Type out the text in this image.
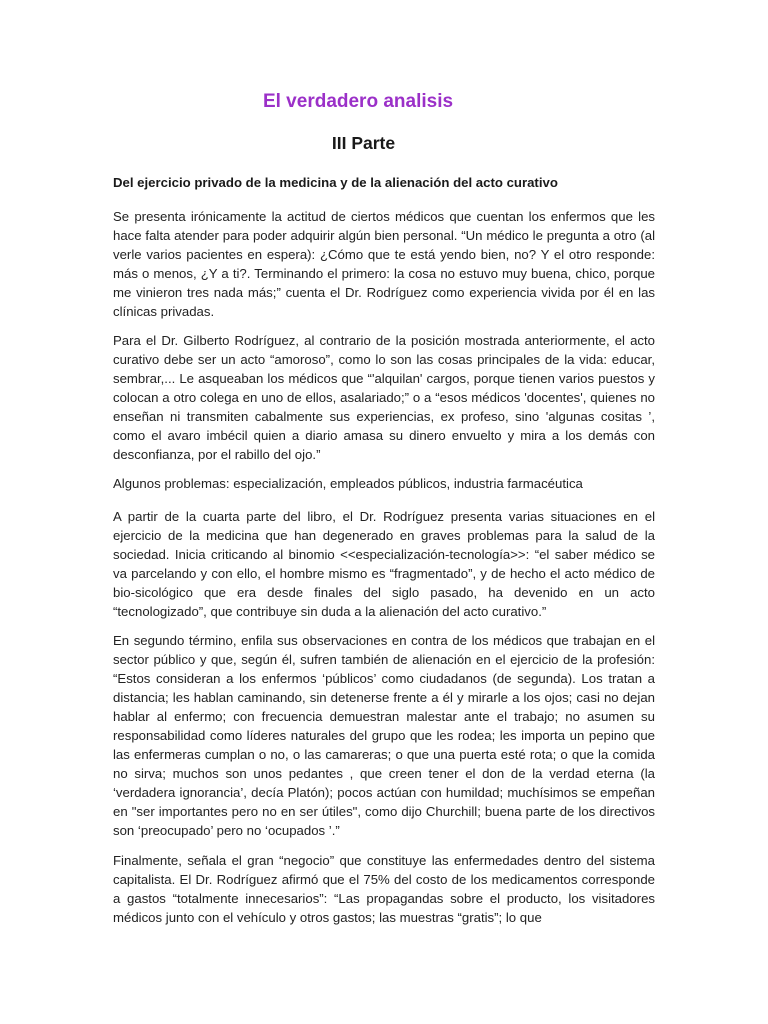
El verdadero analisis
III Parte
Del ejercicio privado de la medicina y de la alienación del acto curativo

Se presenta irónicamente la actitud de ciertos médicos que cuentan los enfermos que les hace falta atender para poder adquirir algún bien personal. “Un médico le pregunta a otro (al verle varios pacientes en espera): ¿Cómo que te está yendo bien, no? Y el otro responde: más o menos, ¿Y a ti?. Terminando el primero: la cosa no estuvo muy buena, chico, porque me vinieron tres nada más;” cuenta el Dr. Rodríguez como experiencia vivida por él en las clínicas privadas.

Para el Dr. Gilberto Rodríguez, al contrario de la posición mostrada anteriormente, el acto curativo debe ser un acto “amoroso”, como lo son las cosas principales de la vida: educar, sembrar,... Le asqueaban los médicos que “'alquilan' cargos, porque tienen varios puestos y colocan a otro colega en uno de ellos, asalariado;” o a “esos médicos 'docentes', quienes no enseñan ni transmiten cabalmente sus experiencias, ex profeso, sino 'algunas cositas ’, como el avaro imbécil quien a diario amasa su dinero envuelto y mira a los demás con desconfianza, por el rabillo del ojo.”

Algunos problemas: especialización, empleados públicos, industria farmacéutica

A partir de la cuarta parte del libro, el Dr. Rodríguez presenta varias situaciones en el ejercicio de la medicina que han degenerado en graves problemas para la salud de la sociedad. Inicia criticando al binomio <<especialización-tecnología>>: “el saber médico se va parcelando y con ello, el hombre mismo es “fragmentado”, y de hecho el acto médico de bio-sicológico que era desde finales del siglo pasado, ha devenido en un acto “tecnologizado”, que contribuye sin duda a la alienación del acto curativo.”

En segundo término, enfila sus observaciones en contra de los médicos que trabajan en el sector público y que, según él, sufren también de alienación en el ejercicio de la profesión: “Estos consideran a los enfermos ‘públicos’ como ciudadanos (de segunda). Los tratan a distancia; les hablan caminando, sin detenerse frente a él y mirarle a los ojos; casi no dejan hablar al enfermo; con frecuencia demuestran malestar ante el trabajo; no asumen su responsabilidad como líderes naturales del grupo que les rodea; les importa un pepino que las enfermeras cumplan o no, o las camareras; o que una puerta esté rota; o que la comida no sirva; muchos son unos pedantes , que creen tener el don de la verdad eterna (la ‘verdadera ignorancia’, decía Platón); pocos actúan con humildad; muchísimos se empeñan en "ser importantes pero no en ser útiles", como dijo Churchill; buena parte de los directivos son ‘preocupado’ pero no ‘ocupados ’.”

Finalmente, señala el gran “negocio” que constituye las enfermedades dentro del sistema capitalista. El Dr. Rodríguez afirmó que el 75% del costo de los medicamentos corresponde a gastos “totalmente innecesarios”: “Las propagandas sobre el producto, los visitadores médicos junto con el vehículo y otros gastos; las muestras “gratis”; lo que
